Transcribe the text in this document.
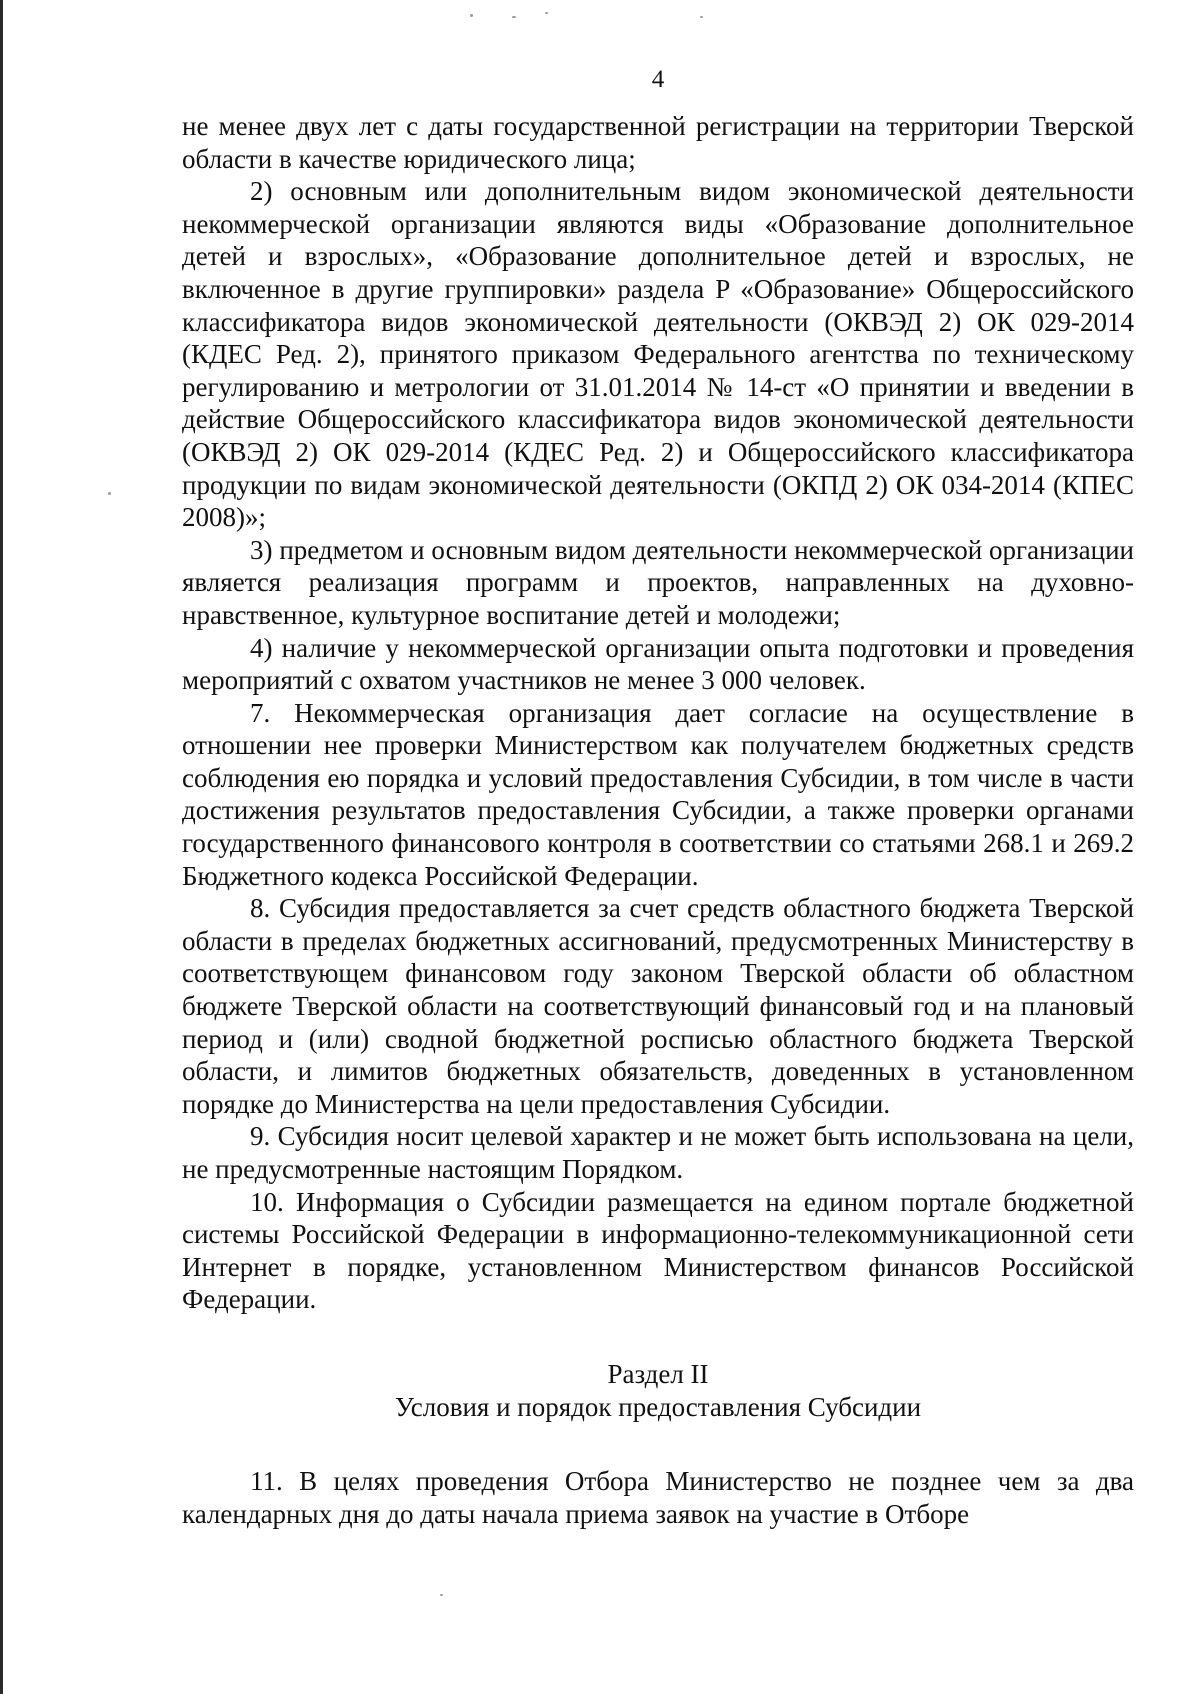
4

не менее двух лет с даты государственной регистрации на территории Тверской области в качестве юридического лица;

2) основным или дополнительным видом экономической деятельности некоммерческой организации являются виды «Образование дополнительное детей и взрослых», «Образование дополнительное детей и взрослых, не включенное в другие группировки» раздела P «Образование» Общероссийского классификатора видов экономической деятельности (ОКВЭД 2) ОК 029-2014 (КДЕС Ред. 2), принятого приказом Федерального агентства по техническому регулированию и метрологии от 31.01.2014 № 14-ст «О принятии и введении в действие Общероссийского классификатора видов экономической деятельности (ОКВЭД 2) ОК 029-2014 (КДЕС Ред. 2) и Общероссийского классификатора продукции по видам экономической деятельности (ОКПД 2) ОК 034-2014 (КПЕС 2008)»;

3) предметом и основным видом деятельности некоммерческой организации является реализация программ и проектов, направленных на духовно-нравственное, культурное воспитание детей и молодежи;

4) наличие у некоммерческой организации опыта подготовки и проведения мероприятий с охватом участников не менее 3 000 человек.

7. Некоммерческая организация дает согласие на осуществление в отношении нее проверки Министерством как получателем бюджетных средств соблюдения ею порядка и условий предоставления Субсидии, в том числе в части достижения результатов предоставления Субсидии, а также проверки органами государственного финансового контроля в соответствии со статьями 268.1 и 269.2 Бюджетного кодекса Российской Федерации.

8. Субсидия предоставляется за счет средств областного бюджета Тверской области в пределах бюджетных ассигнований, предусмотренных Министерству в соответствующем финансовом году законом Тверской области об областном бюджете Тверской области на соответствующий финансовый год и на плановый период и (или) сводной бюджетной росписью областного бюджета Тверской области, и лимитов бюджетных обязательств, доведенных в установленном порядке до Министерства на цели предоставления Субсидии.

9. Субсидия носит целевой характер и не может быть использована на цели, не предусмотренные настоящим Порядком.

10. Информация о Субсидии размещается на едином портале бюджетной системы Российской Федерации в информационно-телекоммуникационной сети Интернет в порядке, установленном Министерством финансов Российской Федерации.

Раздел II

Условия и порядок предоставления Субсидии

11. В целях проведения Отбора Министерство не позднее чем за два календарных дня до даты начала приема заявок на участие в Отборе
